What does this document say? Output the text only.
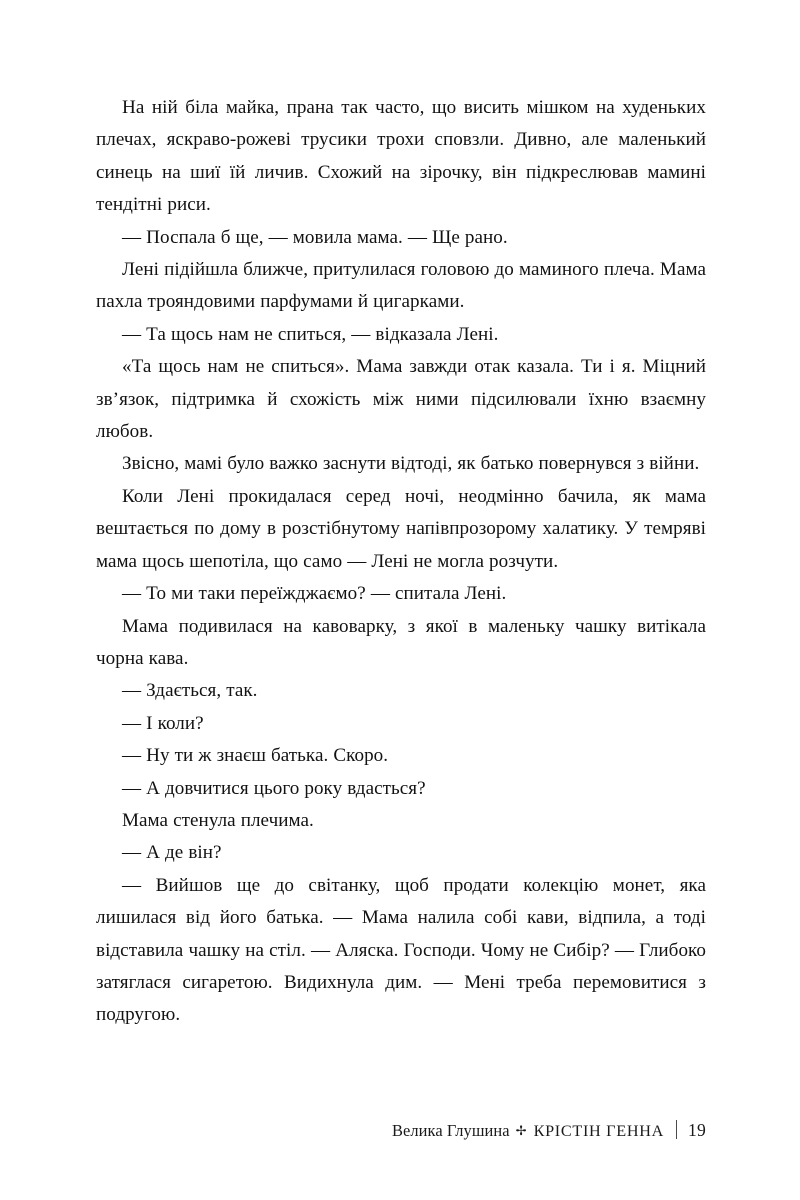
На ній біла майка, прана так часто, що висить мішком на худеньких плечах, яскраво-рожеві трусики трохи сповзли. Дивно, але маленький синець на шиї їй личив. Схожий на зірочку, він підкреслював мамині тендітні риси.

— Поспала б ще, — мовила мама. — Ще рано.

Лені підійшла ближче, притулилася головою до маминого плеча. Мама пахла трояндовими парфумами й цигарками.

— Та щось нам не спиться, — відказала Лені.

«Та щось нам не спиться». Мама завжди отак казала. Ти і я. Міцний зв’язок, підтримка й схожість між ними підсилювали їхню взаємну любов.

Звісно, мамі було важко заснути відтоді, як батько повернувся з війни.

Коли Лені прокидалася серед ночі, неодмінно бачила, як мама вештається по дому в розстібнутому напівпрозорому халатику. У темряві мама щось шепотіла, що само — Лені не могла розчути.

— То ми таки переїжджаємо? — спитала Лені.

Мама подивилася на кавоварку, з якої в маленьку чашку витікала чорна кава.

— Здається, так.

— І коли?

— Ну ти ж знаєш батька. Скоро.

— А довчитися цього року вдасться?

Мама стенула плечима.

— А де він?

— Вийшов ще до світанку, щоб продати колекцію монет, яка лишилася від його батька. — Мама налила собі кави, відпила, а тоді відставила чашку на стіл. — Аляска. Господи. Чому не Сибір? — Глибоко затяглася сигаретою. Видихнула дим. — Мені треба перемовитися з подругою.

Велика Глушина ✢ КРІСТІН ГЕННА 19
